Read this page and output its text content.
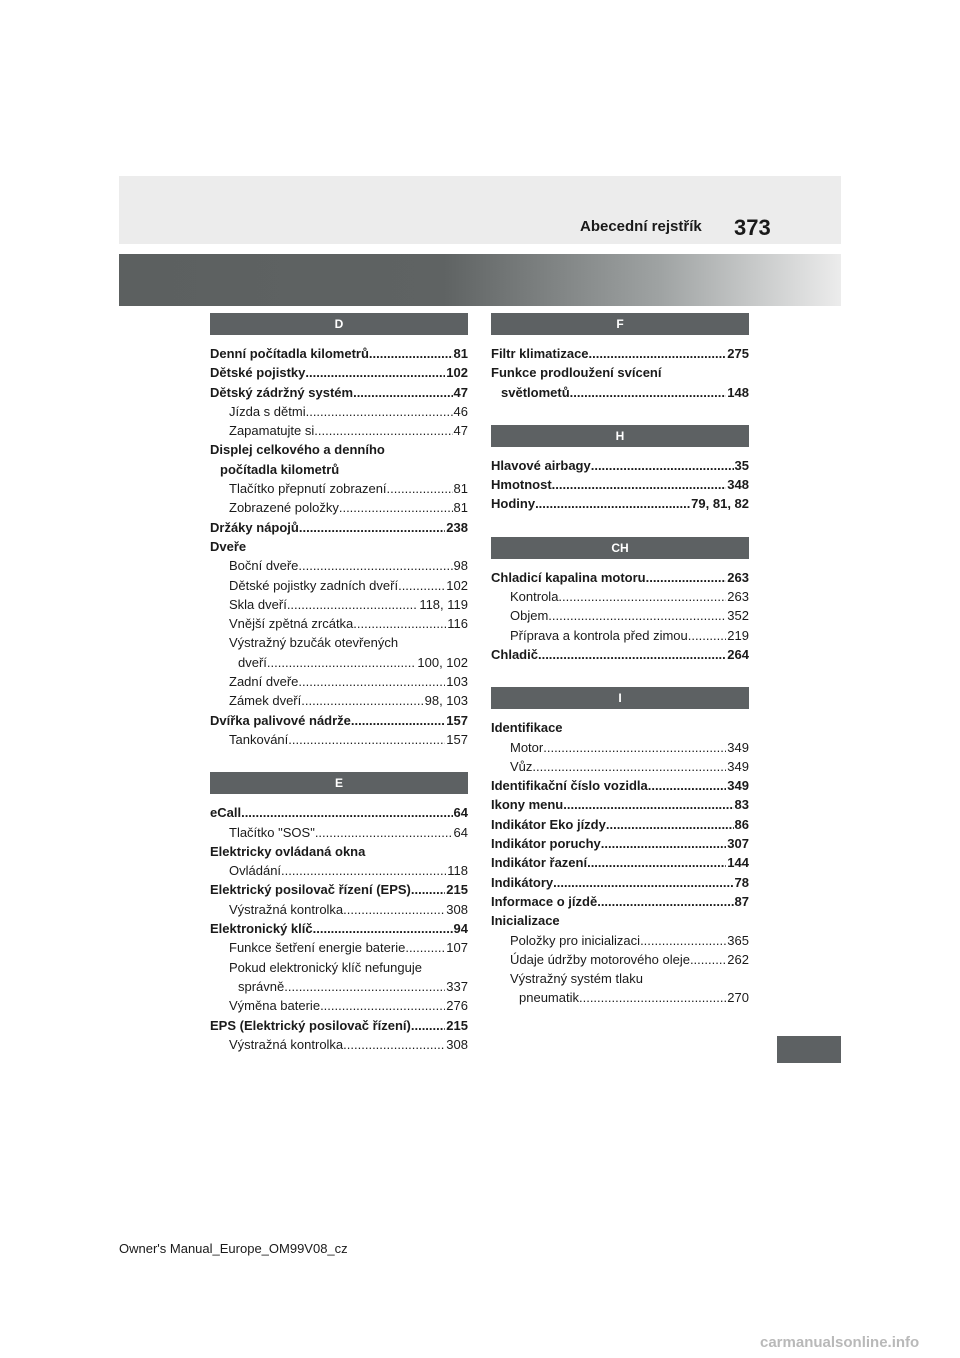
Abecední rejstřík 373
D
Denní počítadla kilometrů .....	81
Dětské pojistky .....	102
Dětský zádržný systém .....	47
Jízda s dětmi .....	46
Zapamatujte si .....	47
Displej celkového a denního
počítadla kilometrů
Tlačítko přepnutí zobrazení .....	81
Zobrazené položky .....	81
Držáky nápojů .....	238
Dveře
Boční dveře .....	98
Dětské pojistky zadních dveří .....	102
Skla dveří .....	118, 119
Vnější zpětná zrcátka .....	116
Výstražný bzučák otevřených
dveří .....	100, 102
Zadní dveře .....	103
Zámek dveří .....	98, 103
Dvířka palivové nádrže .....	157
Tankování .....	157
E
eCall .....	64
Tlačítko "SOS" .....	64
Elektricky ovládaná okna
Ovládání .....	118
Elektrický posilovač řízení (EPS) .....	215
Výstražná kontrolka .....	308
Elektronický klíč .....	94
Funkce šetření energie baterie .....	107
Pokud elektronický klíč nefunguje
správně .....	337
Výměna baterie .....	276
EPS (Elektrický posilovač řízení) .....	215
Výstražná kontrolka .....	308
F
Filtr klimatizace .....	275
Funkce prodloužení svícení
světlometů .....	148
H
Hlavové airbagy .....	35
Hmotnost .....	348
Hodiny .....	79, 81, 82
CH
Chladicí kapalina motoru .....	263
Kontrola .....	263
Objem .....	352
Příprava a kontrola před zimou .....	219
Chladič .....	264
I
Identifikace
Motor .....	349
Vůz .....	349
Identifikační číslo vozidla .....	349
Ikony menu .....	83
Indikátor Eko jízdy .....	86
Indikátor poruchy .....	307
Indikátor řazení .....	144
Indikátory .....	78
Informace o jízdě .....	87
Inicializace
Položky pro inicializaci .....	365
Údaje údržby motorového oleje .....	262
Výstražný systém tlaku
pneumatik .....	270
Owner's Manual_Europe_OM99V08_cz
carmanualsonline.info
